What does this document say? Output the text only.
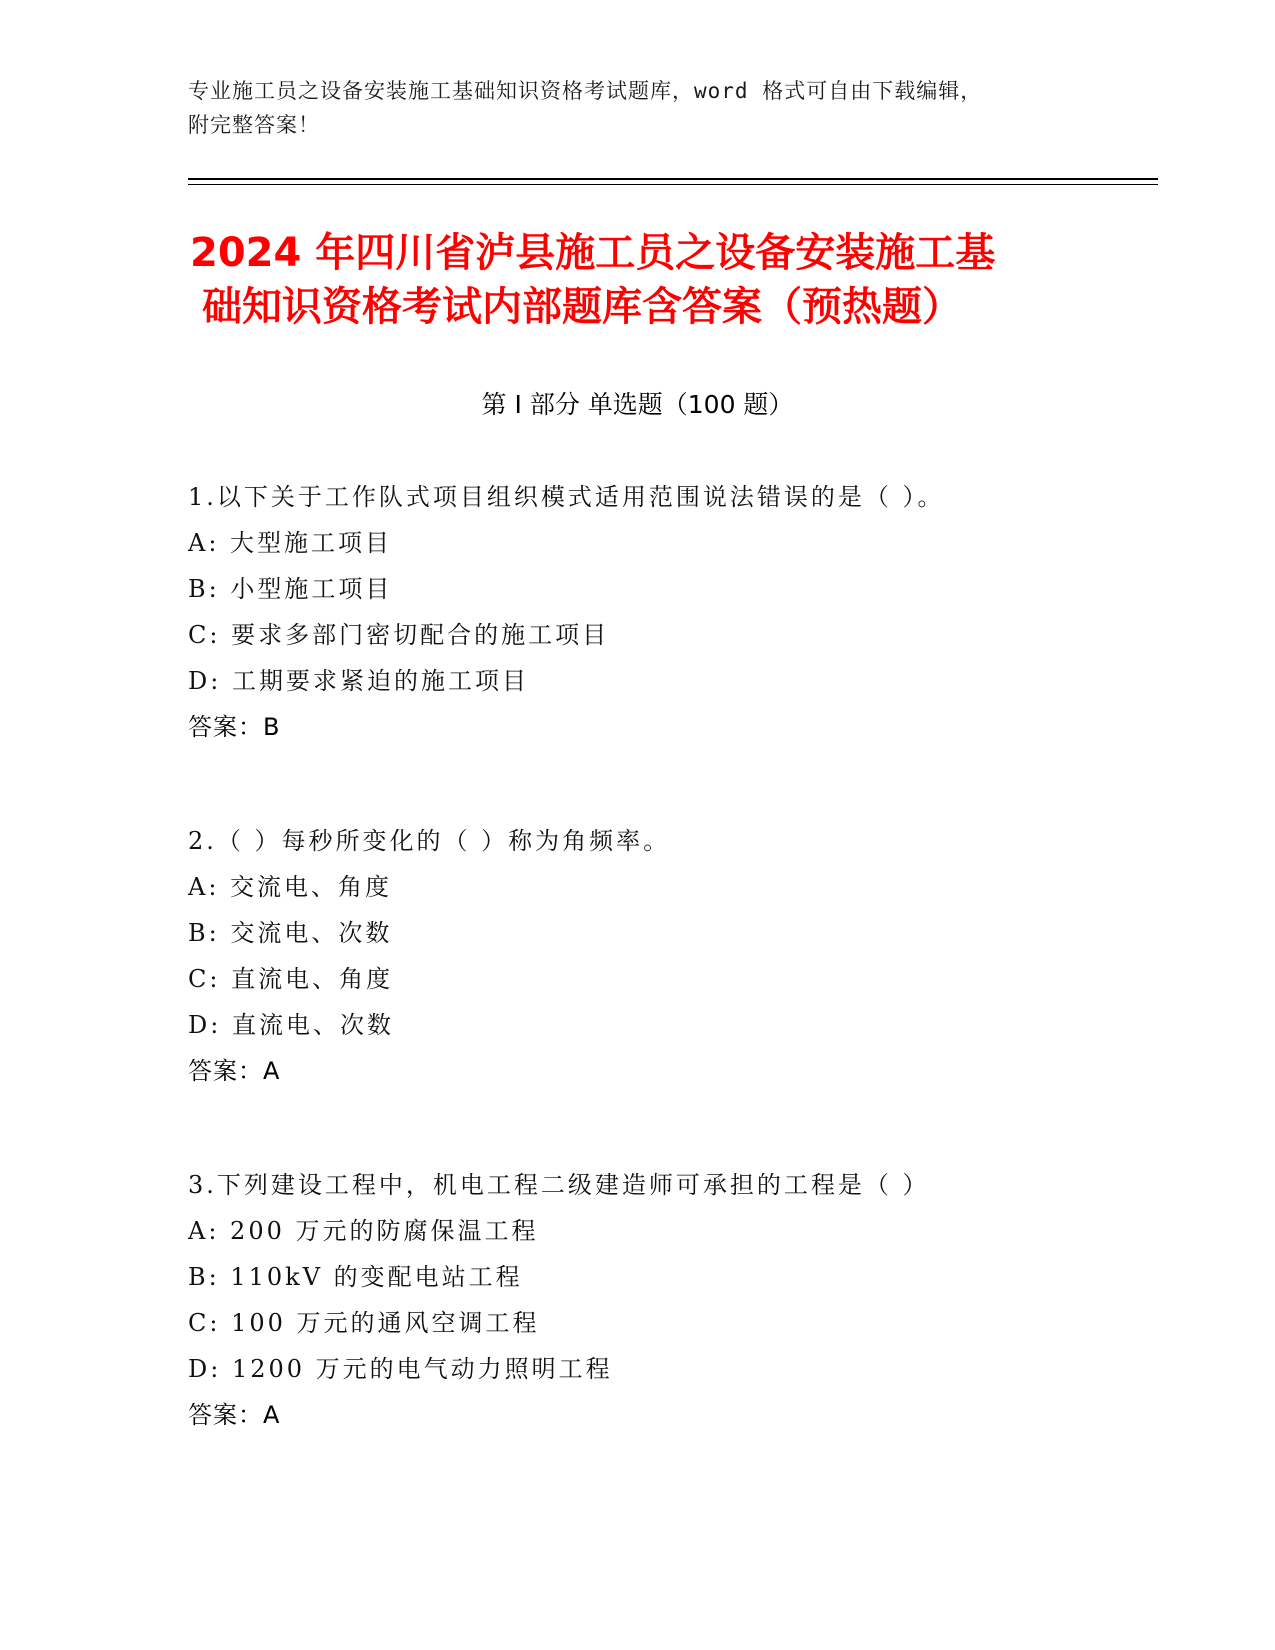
专业施工员之设备安装施工基础知识资格考试题库，word 格式可自由下载编辑，
附完整答案！
2024 年四川省泸县施工员之设备安装施工基
础知识资格考试内部题库含答案（预热题）
第 I 部分 单选题（100 题）
1.以下关于工作队式项目组织模式适用范围说法错误的是（ ）。
A: 大型施工项目
B: 小型施工项目
C: 要求多部门密切配合的施工项目
D: 工期要求紧迫的施工项目
答案：B
2.（ ）每秒所变化的（ ）称为角频率。
A: 交流电、角度
B: 交流电、次数
C: 直流电、角度
D: 直流电、次数
答案：A
3.下列建设工程中，机电工程二级建造师可承担的工程是（ ）
A: 200 万元的防腐保温工程
B: 110kV 的变配电站工程
C: 100 万元的通风空调工程
D: 1200 万元的电气动力照明工程
答案：A
